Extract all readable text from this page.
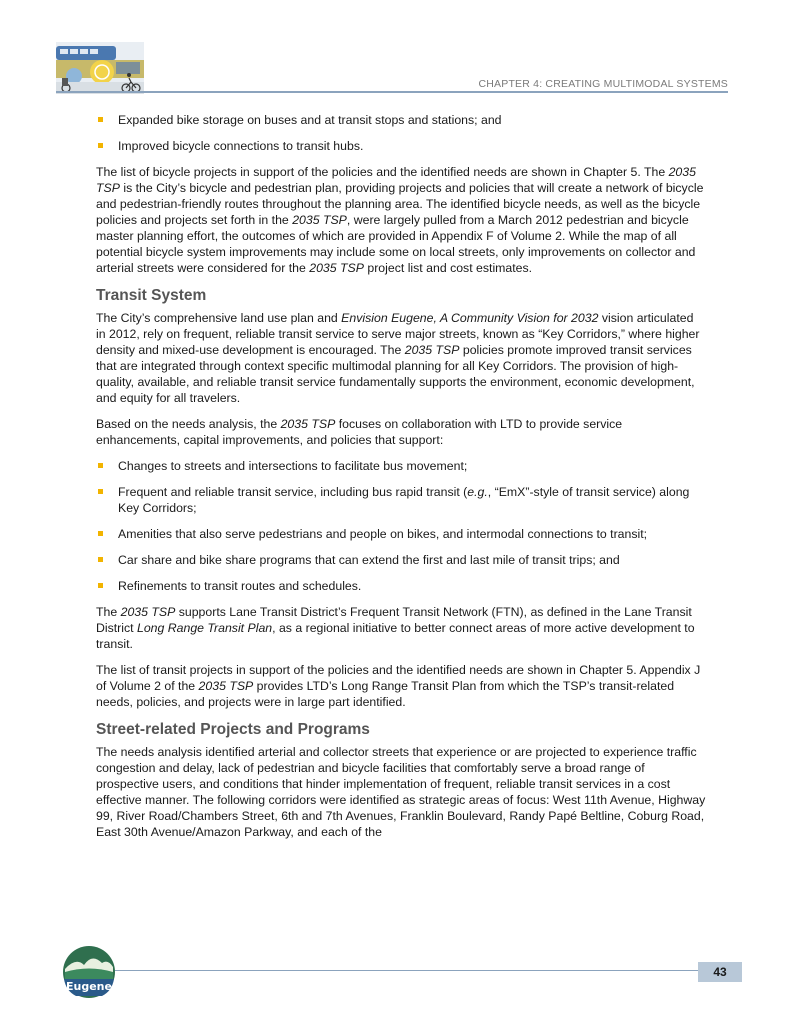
CHAPTER 4: CREATING MULTIMODAL SYSTEMS
Expanded bike storage on buses and at transit stops and stations; and
Improved bicycle connections to transit hubs.

The list of bicycle projects in support of the policies and the identified needs are shown in Chapter 5. The 2035 TSP is the City’s bicycle and pedestrian plan, providing projects and policies that will create a network of bicycle and pedestrian-friendly routes throughout the planning area. The identified bicycle needs, as well as the bicycle policies and projects set forth in the 2035 TSP, were largely pulled from a March 2012 pedestrian and bicycle master planning effort, the outcomes of which are provided in Appendix F of Volume 2. While the map of all potential bicycle system improvements may include some on local streets, only improvements on collector and arterial streets were considered for the 2035 TSP project list and cost estimates.

Transit System

The City’s comprehensive land use plan and Envision Eugene, A Community Vision for 2032 vision articulated in 2012, rely on frequent, reliable transit service to serve major streets, known as “Key Corridors,” where higher density and mixed-use development is encouraged. The 2035 TSP policies promote improved transit services that are integrated through context specific multimodal planning for all Key Corridors. The provision of high-quality, available, and reliable transit service fundamentally supports the environment, economic development, and equity for all travelers.

Based on the needs analysis, the 2035 TSP focuses on collaboration with LTD to provide service enhancements, capital improvements, and policies that support:

Changes to streets and intersections to facilitate bus movement;
Frequent and reliable transit service, including bus rapid transit (e.g., “EmX”-style of transit service) along Key Corridors;
Amenities that also serve pedestrians and people on bikes, and intermodal connections to transit;
Car share and bike share programs that can extend the first and last mile of transit trips; and
Refinements to transit routes and schedules.

The 2035 TSP supports Lane Transit District’s Frequent Transit Network (FTN), as defined in the Lane Transit District Long Range Transit Plan, as a regional initiative to better connect areas of more active development to transit.

The list of transit projects in support of the policies and the identified needs are shown in Chapter 5. Appendix J of Volume 2 of the 2035 TSP provides LTD’s Long Range Transit Plan from which the TSP’s transit-related needs, policies, and projects were in large part identified.

Street-related Projects and Programs

The needs analysis identified arterial and collector streets that experience or are projected to experience traffic congestion and delay, lack of pedestrian and bicycle facilities that comfortably serve a broad range of prospective users, and conditions that hinder implementation of frequent, reliable transit services in a cost effective manner. The following corridors were identified as strategic areas of focus: West 11th Avenue, Highway 99, River Road/Chambers Street, 6th and 7th Avenues, Franklin Boulevard, Randy Papé Beltline, Coburg Road, East 30th Avenue/Amazon Parkway, and each of the

Eugene
43
